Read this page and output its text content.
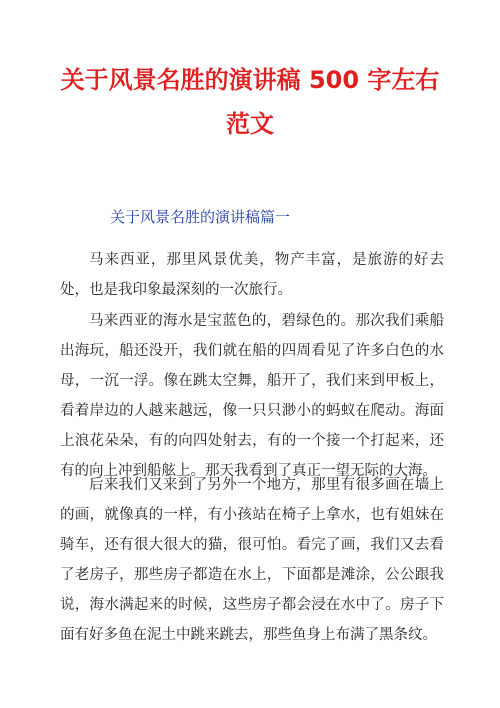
关于风景名胜的演讲稿 500 字左右
范文
关于风景名胜的演讲稿篇一

马来西亚，那里风景优美，物产丰富，是旅游的好去处，也是我印象最深刻的一次旅行。

马来西亚的海水是宝蓝色的，碧绿色的。那次我们乘船出海玩，船还没开，我们就在船的四周看见了许多白色的水母，一沉一浮。像在跳太空舞，船开了，我们来到甲板上，看着岸边的人越来越远，像一只只渺小的蚂蚁在爬动。海面上浪花朵朵，有的向四处射去，有的一个接一个打起来，还有的向上冲到船舷上。那天我看到了真正一望无际的大海。

后来我们又来到了另外一个地方，那里有很多画在墙上的画，就像真的一样，有小孩站在椅子上拿水，也有姐妹在骑车，还有很大很大的猫，很可怕。看完了画，我们又去看了老房子，那些房子都造在水上，下面都是滩涂，公公跟我说，海水满起来的时候，这些房子都会浸在水中了。房子下面有好多鱼在泥土中跳来跳去，那些鱼身上布满了黑条纹。
